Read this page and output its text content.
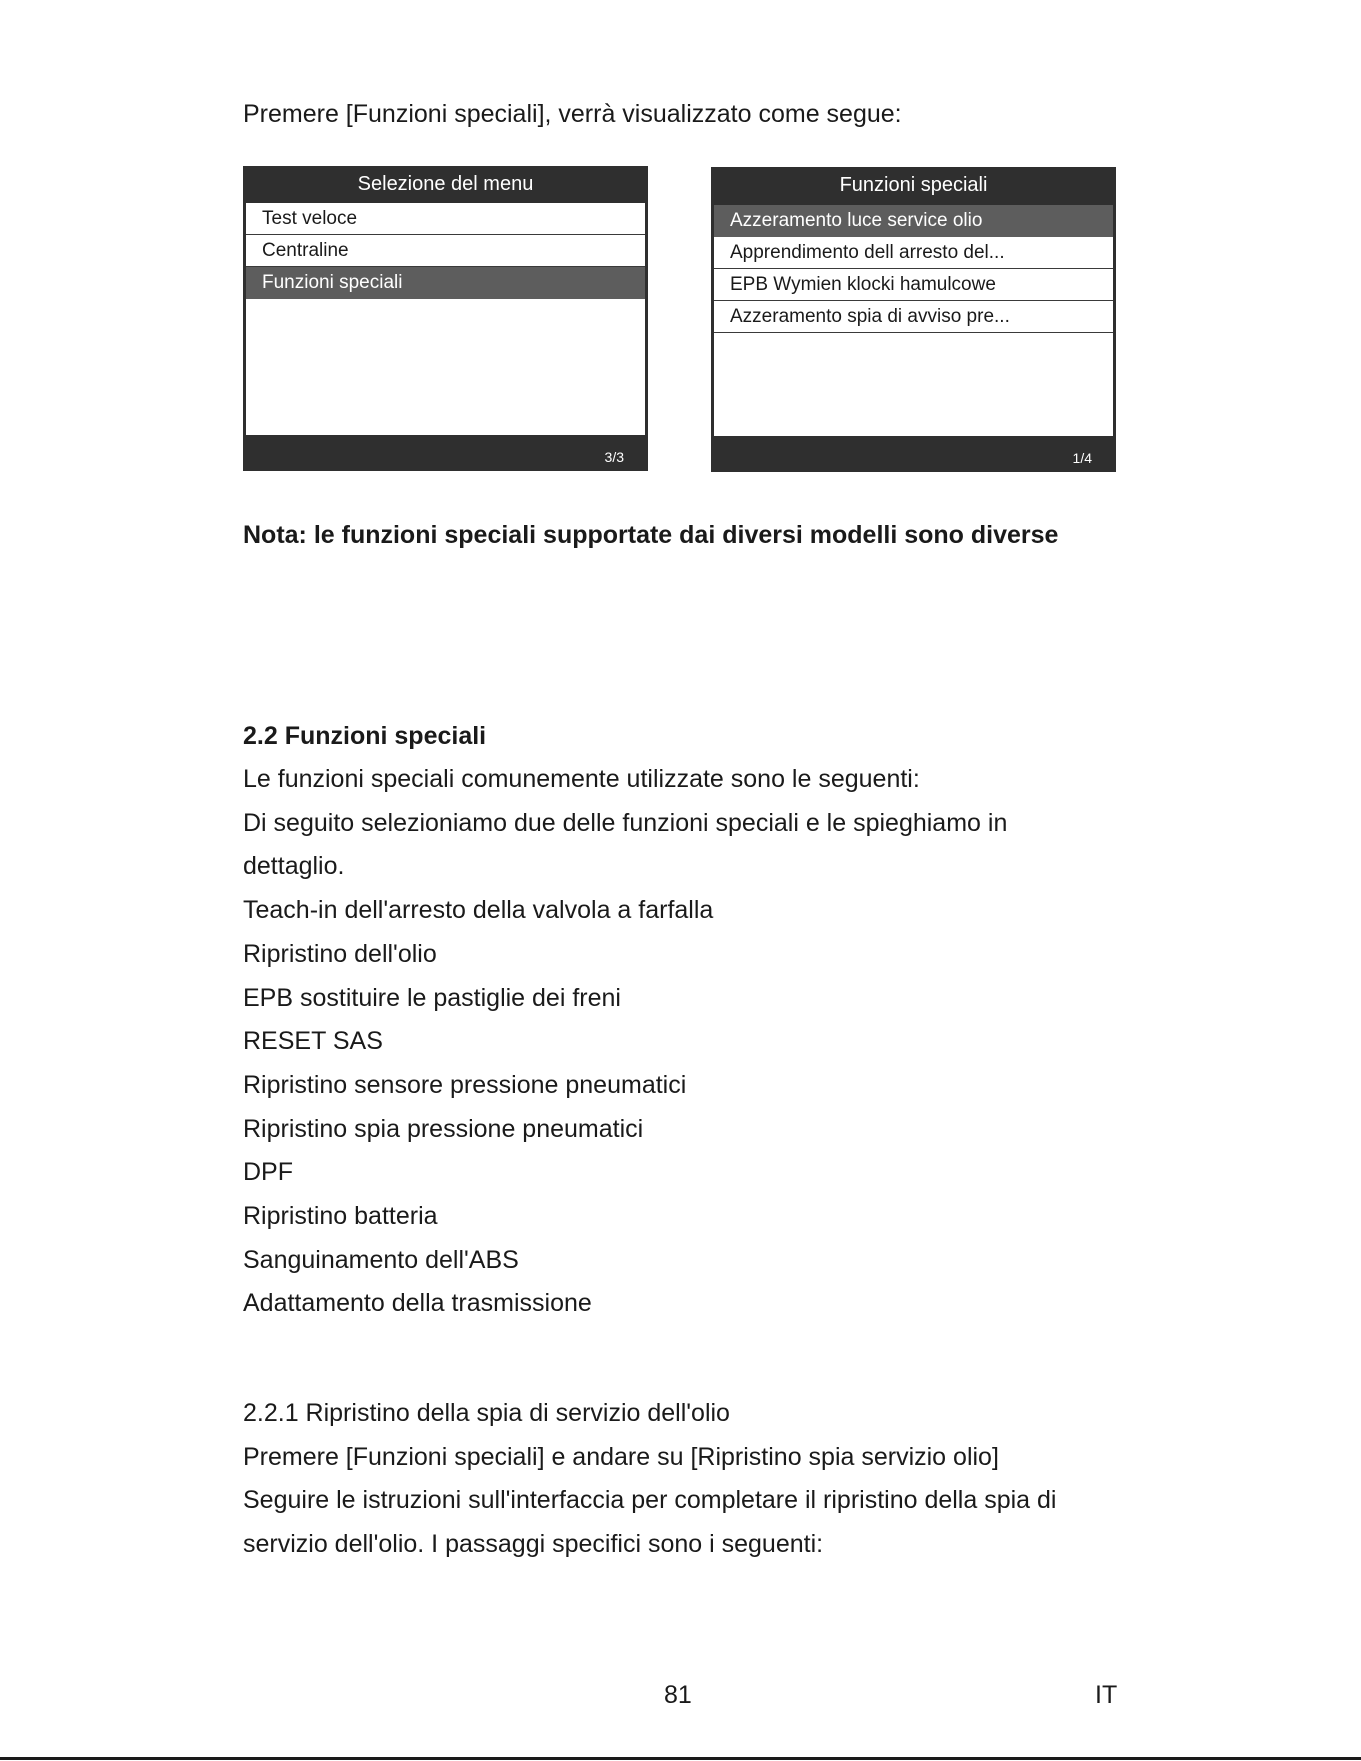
Premere [Funzioni speciali], verrà visualizzato come segue:
Selezione del menu
Test veloce
Centraline
Funzioni speciali
3/3
Funzioni speciali
Azzeramento luce service olio
Apprendimento dell arresto del...
EPB Wymien klocki hamulcowe
Azzeramento spia di avviso pre...
1/4
Nota: le funzioni speciali supportate dai diversi modelli sono diverse
2.2 Funzioni speciali
Le funzioni speciali comunemente utilizzate sono le seguenti:
Di seguito selezioniamo due delle funzioni speciali e le spieghiamo in
dettaglio.
Teach-in dell'arresto della valvola a farfalla
Ripristino dell'olio
EPB sostituire le pastiglie dei freni
RESET SAS
Ripristino sensore pressione pneumatici
Ripristino spia pressione pneumatici
DPF
Ripristino batteria
Sanguinamento dell'ABS
Adattamento della trasmissione
2.2.1 Ripristino della spia di servizio dell'olio
Premere [Funzioni speciali] e andare su [Ripristino spia servizio olio]
Seguire le istruzioni sull'interfaccia per completare il ripristino della spia di
servizio dell'olio. I passaggi specifici sono i seguenti:
81	IT
